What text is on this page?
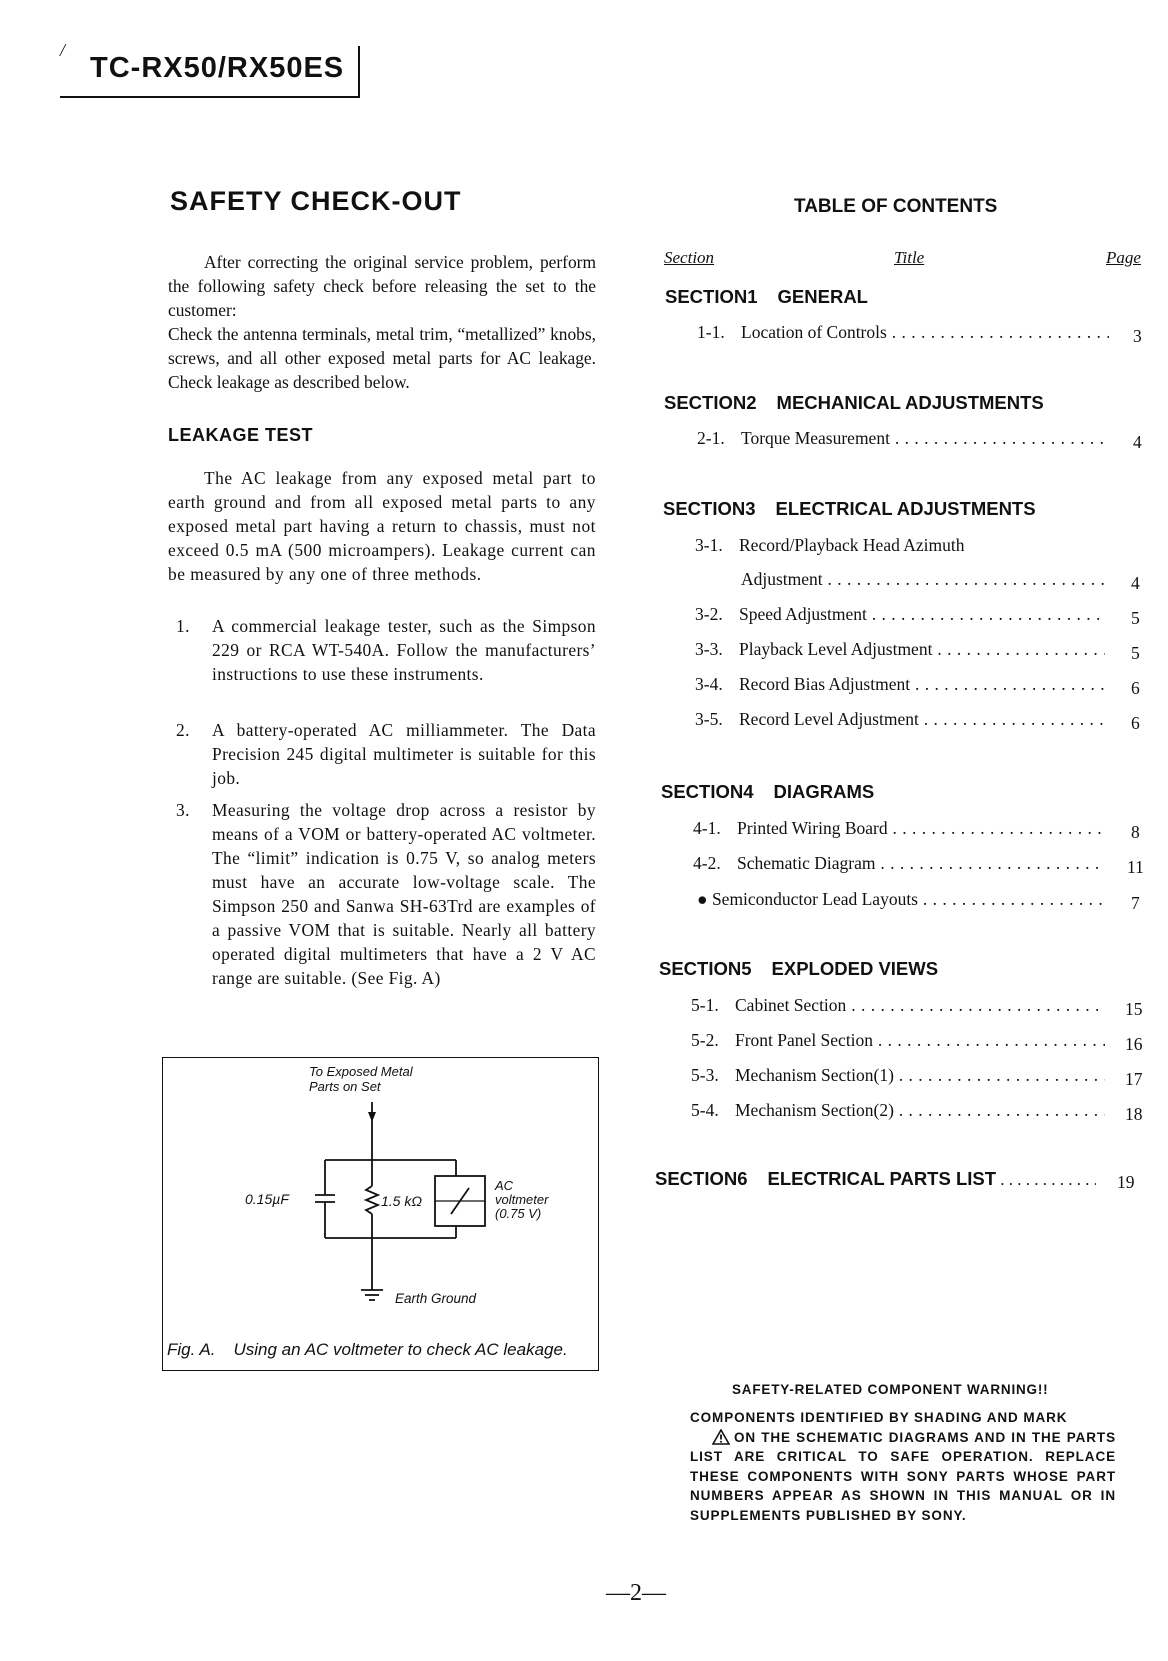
/
TC-RX50/RX50ES
SAFETY CHECK-OUT

After correcting the original service problem, perform the following safety check before releasing the set to the customer:

Check the antenna terminals, metal trim, “metallized” knobs, screws, and all other exposed metal parts for AC leakage. Check leakage as described below.

LEAKAGE TEST

The AC leakage from any exposed metal part to earth ground and from all exposed metal parts to any exposed metal part having a return to chassis, must not exceed 0.5 mA (500 microampers). Leakage current can be measured by any one of three methods.

1. A commercial leakage tester, such as the Simpson 229 or RCA WT-540A. Follow the manufacturers’ instructions to use these instruments.
2. A battery-operated AC milliammeter. The Data Precision 245 digital multimeter is suitable for this job.
3. Measuring the voltage drop across a resistor by means of a VOM or battery-operated AC voltmeter. The “limit” indication is 0.75 V, so analog meters must have an accurate low-voltage scale. The Simpson 250 and Sanwa SH-63Trd are examples of a passive VOM that is suitable. Nearly all battery operated digital multimeters that have a 2 V AC range are suitable. (See Fig. A)
To Exposed Metal
Parts on Set
0.15µF	1.5 kΩ
AC
voltmeter
(0.75 V)
Earth Ground
Fig. A. Using an AC voltmeter to check AC leakage.
TABLE OF CONTENTS
Section	Title	Page
SECTION1 GENERAL
1-1. Location of Controls . . .	3
SECTION2 MECHANICAL ADJUSTMENTS
2-1. Torque Measurement . . .	4
SECTION3 ELECTRICAL ADJUSTMENTS
3-1. Record/Playback Head Azimuth
Adjustment . . .	4
3-2. Speed Adjustment . . .	5
3-3. Playback Level Adjustment . . .	5
3-4. Record Bias Adjustment . . .	6
3-5. Record Level Adjustment . . .	6
SECTION4 DIAGRAMS
4-1. Printed Wiring Board . . .	8
4-2. Schematic Diagram . . .	11
● Semiconductor Lead Layouts . . .	7
SECTION5 EXPLODED VIEWS
5-1. Cabinet Section . . .	15
5-2. Front Panel Section . . .	16
5-3. Mechanism Section(1) . . .	17
5-4. Mechanism Section(2) . . .	18
SECTION6 ELECTRICAL PARTS LIST . . .	19
SAFETY-RELATED COMPONENT WARNING!!

COMPONENTS IDENTIFIED BY SHADING AND MARK
ON THE SCHEMATIC DIAGRAMS AND IN THE PARTS LIST ARE CRITICAL TO SAFE OPERATION. REPLACE THESE COMPONENTS WITH SONY PARTS WHOSE PART NUMBERS APPEAR AS SHOWN IN THIS MANUAL OR IN SUPPLEMENTS PUBLISHED BY SONY.

—2—
